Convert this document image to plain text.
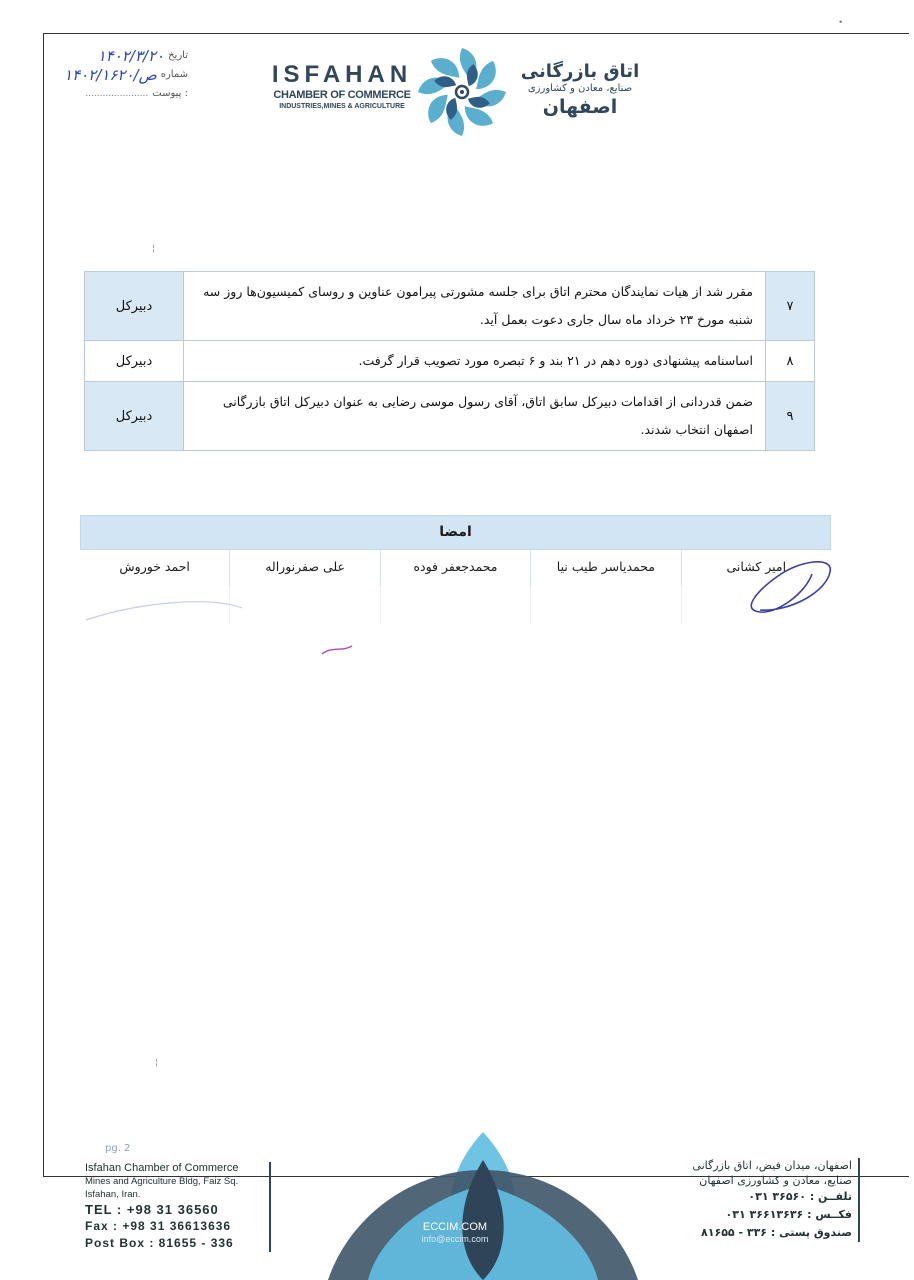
•
۱۴۰۲/۳/۲۰ تاریخ
۱۴۰۲/۱۶۲۰/ص شماره
...................... پیوست :
ISFAHAN
CHAMBER OF COMMERCE
INDUSTRIES,MINES & AGRICULTURE
اتاق بازرگانی
صنایع، معادن و کشاورزی
اصفهان
۷	مقرر شد از هیات نمایندگان محترم اتاق برای جلسه مشورتی پیرامون عناوین و روسای کمیسیون‌ها روز سه شنبه مورخ ۲۳ خرداد ماه سال جاری دعوت بعمل آید.	دبیرکل
۸	اساسنامه پیشنهادی دوره دهم در ۲۱ بند و ۶ تبصره مورد تصویب قرار گرفت.	دبیرکل
۹	ضمن قدردانی از اقدامات دبیرکل سابق اتاق، آقای رسول موسی رضایی به عنوان دبیرکل اتاق بازرگانی اصفهان انتخاب شدند.	دبیرکل
امضا
امیر کشانی
محمدیاسر طیب نیا
محمدجعفر فوده
علی صفرنوراله
احمد خوروش
¦
¦
pg. 2
ECCIM.COM
info@eccim.com
Isfahan Chamber of Commerce
Mines and Agriculture Bldg, Faiz Sq.
Isfahan, Iran.
TEL : +98 31 36560
Fax : +98 31 36613636
Post Box : 81655 - 336
اصفهان، میدان فیض، اتاق بازرگانی
صنایع، معادن و کشاورزی اصفهان
تلفــن : ۳۶۵۶۰ ۰۳۱
فکــس : ۳۶۶۱۳۶۳۶ ۰۳۱
صندوق پستی : ۳۳۶ - ۸۱۶۵۵
